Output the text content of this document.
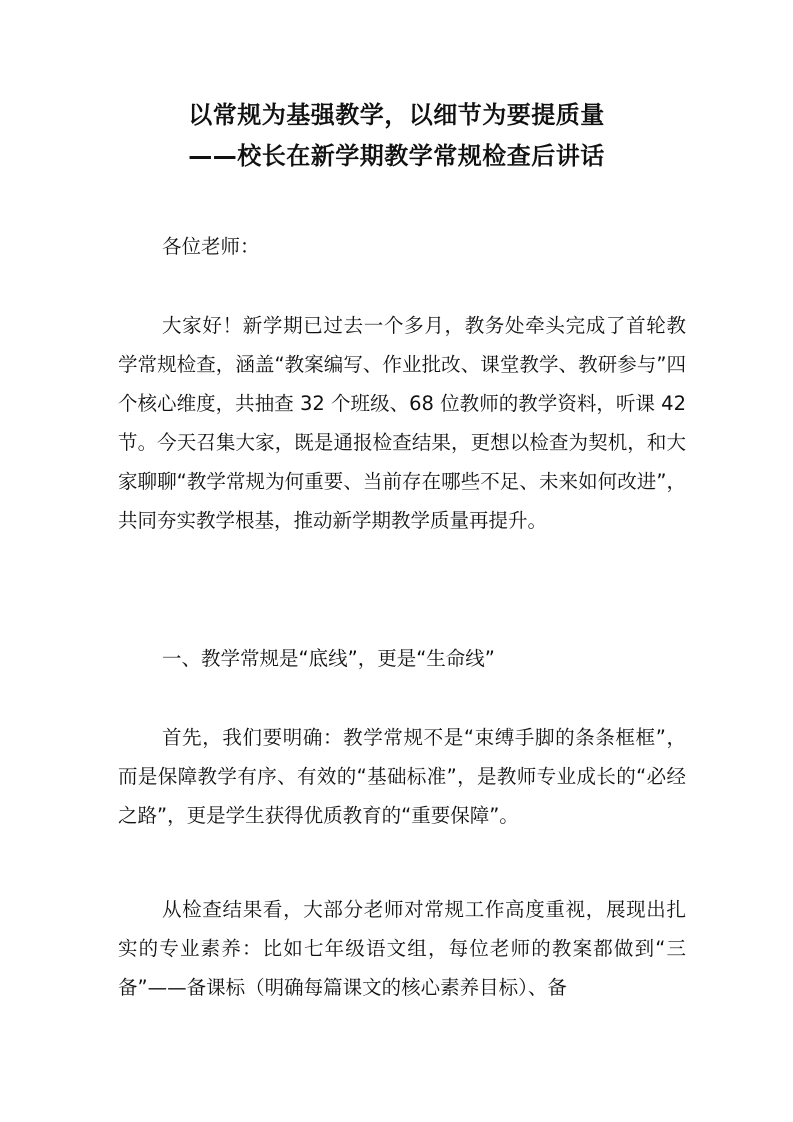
以常规为基强教学，以细节为要提质量
——校长在新学期教学常规检查后讲话
各位老师：
大家好！新学期已过去一个多月，教务处牵头完成了首轮教学常规检查，涵盖“教案编写、作业批改、课堂教学、教研参与”四个核心维度，共抽查 32 个班级、68 位教师的教学资料，听课 42 节。今天召集大家，既是通报检查结果，更想以检查为契机，和大家聊聊“教学常规为何重要、当前存在哪些不足、未来如何改进”，共同夯实教学根基，推动新学期教学质量再提升。
一、教学常规是“底线”，更是“生命线”
首先，我们要明确：教学常规不是“束缚手脚的条条框框”，而是保障教学有序、有效的“基础标准”，是教师专业成长的“必经之路”，更是学生获得优质教育的“重要保障”。
从检查结果看，大部分老师对常规工作高度重视，展现出扎实的专业素养：比如七年级语文组，每位老师的教案都做到“三备”——备课标（明确每篇课文的核心素养目标）、备
